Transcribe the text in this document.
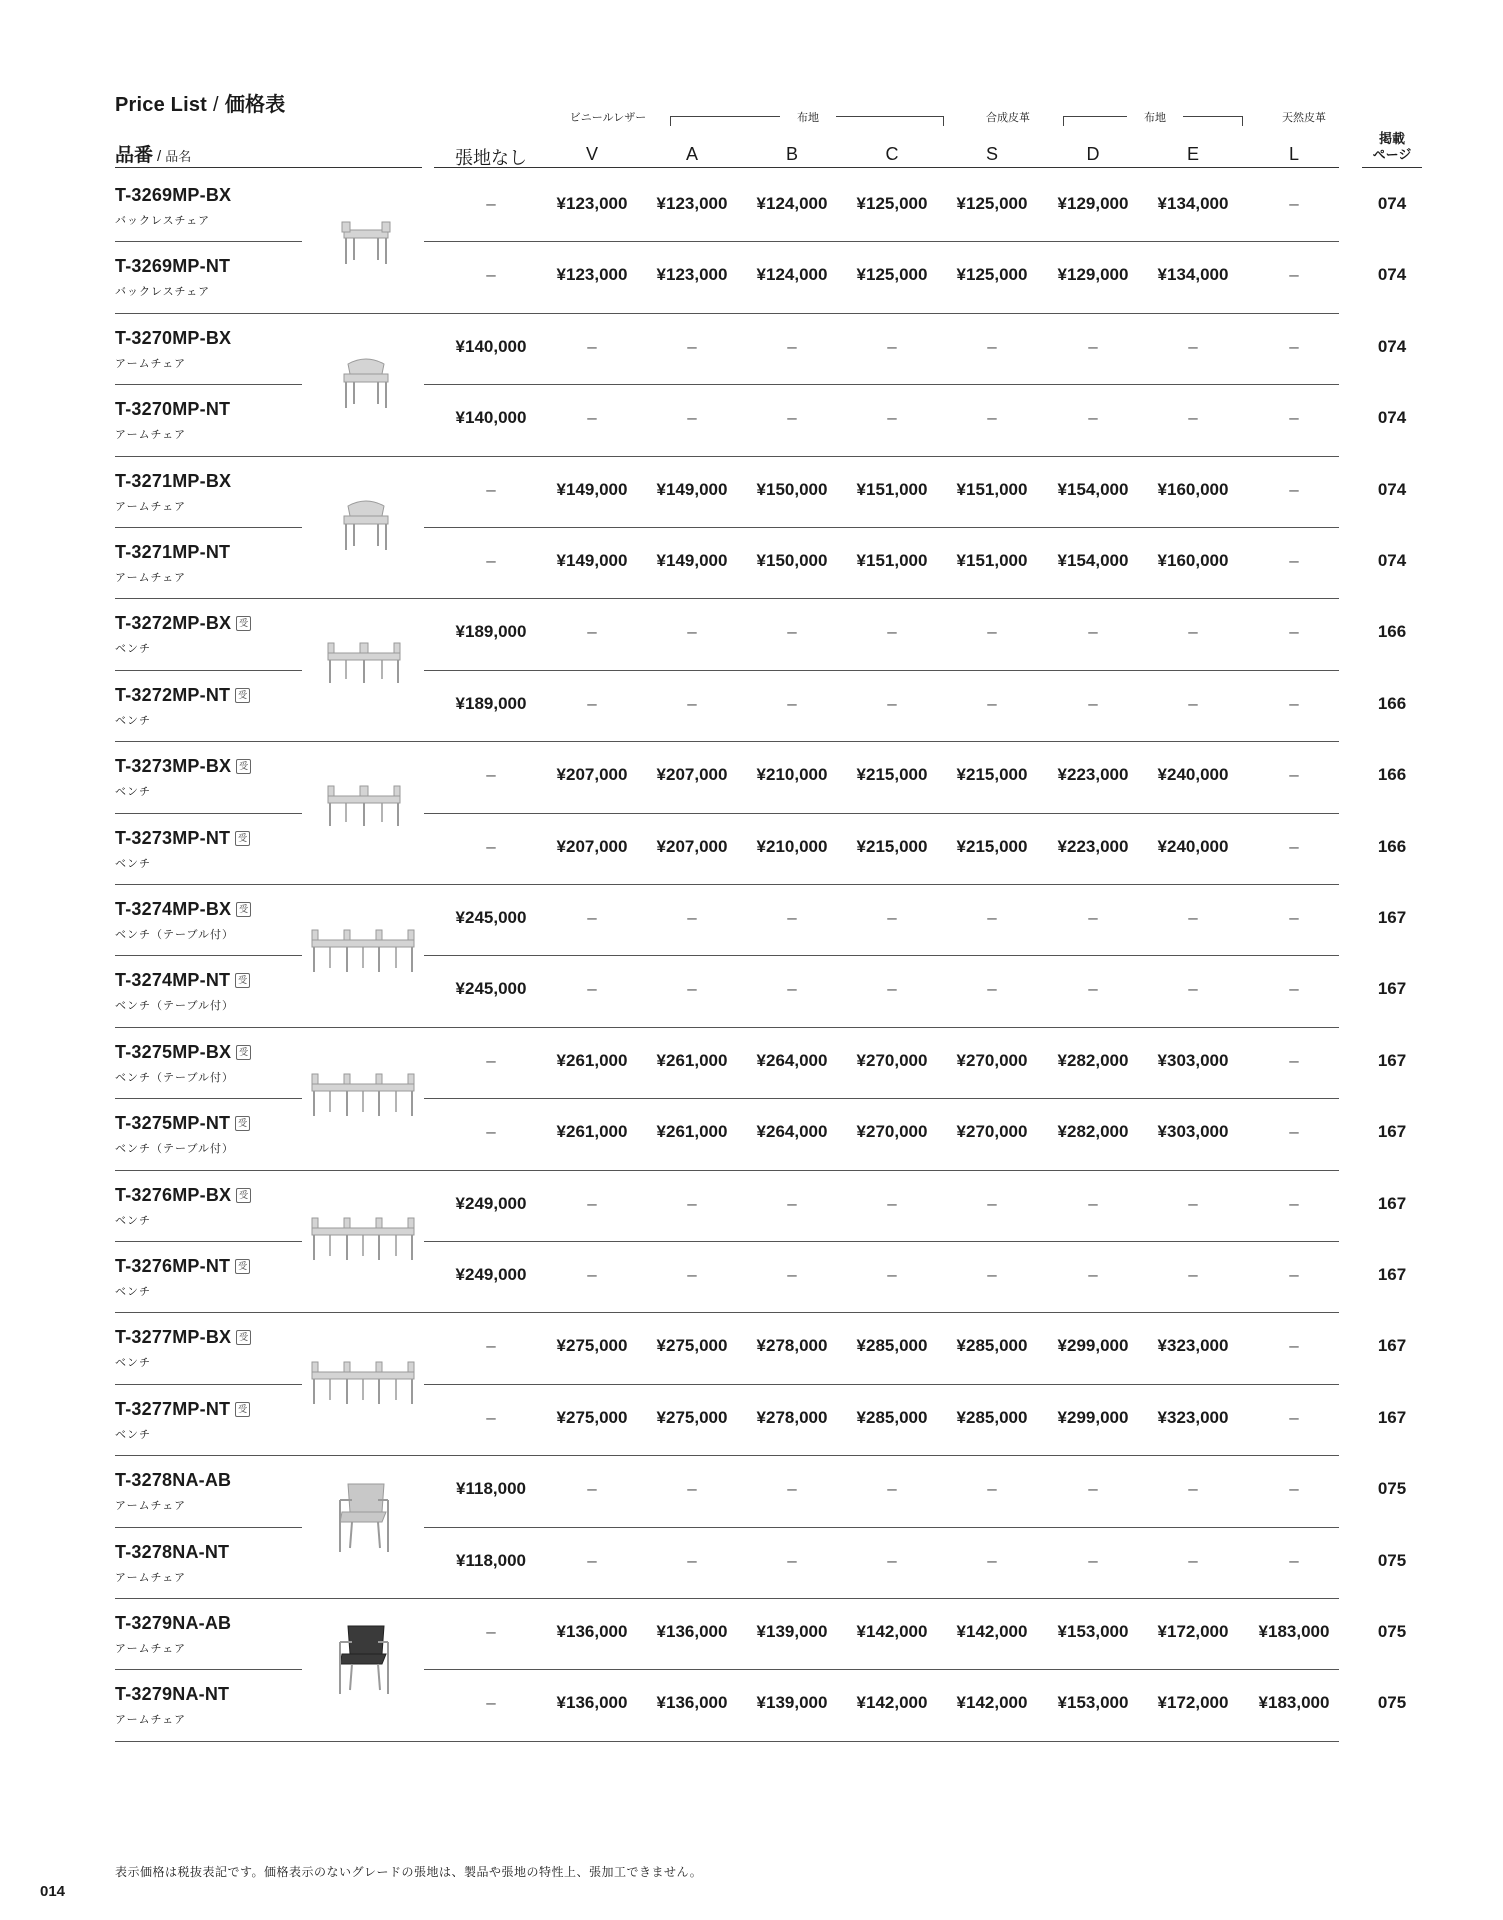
Price List / 価格表
ビニールレザー	布地	合成皮革	布地	天然皮革
品番 / 品名	張地なし	V	A	B	C	S	D	E	L
掲載
ページ
T-3269MP-BX
バックレスチェア
–	¥123,000	¥123,000	¥124,000	¥125,000	¥125,000	¥129,000	¥134,000	–	074
T-3269MP-NT
バックレスチェア
–	¥123,000	¥123,000	¥124,000	¥125,000	¥125,000	¥129,000	¥134,000	–	074
T-3270MP-BX
アームチェア
¥140,000	–	–	–	–	–	–	–	–	074
T-3270MP-NT
アームチェア
¥140,000	–	–	–	–	–	–	–	–	074
T-3271MP-BX
アームチェア
–	¥149,000	¥149,000	¥150,000	¥151,000	¥151,000	¥154,000	¥160,000	–	074
T-3271MP-NT
アームチェア
–	¥149,000	¥149,000	¥150,000	¥151,000	¥151,000	¥154,000	¥160,000	–	074
T-3272MP-BX 受
ベンチ
¥189,000	–	–	–	–	–	–	–	–	166
T-3272MP-NT 受
ベンチ
¥189,000	–	–	–	–	–	–	–	–	166
T-3273MP-BX 受
ベンチ
–	¥207,000	¥207,000	¥210,000	¥215,000	¥215,000	¥223,000	¥240,000	–	166
T-3273MP-NT 受
ベンチ
–	¥207,000	¥207,000	¥210,000	¥215,000	¥215,000	¥223,000	¥240,000	–	166
T-3274MP-BX 受
ベンチ（テーブル付）
¥245,000	–	–	–	–	–	–	–	–	167
T-3274MP-NT 受
ベンチ（テーブル付）
¥245,000	–	–	–	–	–	–	–	–	167
T-3275MP-BX 受
ベンチ（テーブル付）
–	¥261,000	¥261,000	¥264,000	¥270,000	¥270,000	¥282,000	¥303,000	–	167
T-3275MP-NT 受
ベンチ（テーブル付）
–	¥261,000	¥261,000	¥264,000	¥270,000	¥270,000	¥282,000	¥303,000	–	167
T-3276MP-BX 受
ベンチ
¥249,000	–	–	–	–	–	–	–	–	167
T-3276MP-NT 受
ベンチ
¥249,000	–	–	–	–	–	–	–	–	167
T-3277MP-BX 受
ベンチ
–	¥275,000	¥275,000	¥278,000	¥285,000	¥285,000	¥299,000	¥323,000	–	167
T-3277MP-NT 受
ベンチ
–	¥275,000	¥275,000	¥278,000	¥285,000	¥285,000	¥299,000	¥323,000	–	167
T-3278NA-AB
アームチェア
¥118,000	–	–	–	–	–	–	–	–	075
T-3278NA-NT
アームチェア
¥118,000	–	–	–	–	–	–	–	–	075
T-3279NA-AB
アームチェア
–	¥136,000	¥136,000	¥139,000	¥142,000	¥142,000	¥153,000	¥172,000	¥183,000	075
T-3279NA-NT
アームチェア
–	¥136,000	¥136,000	¥139,000	¥142,000	¥142,000	¥153,000	¥172,000	¥183,000	075
表示価格は税抜表記です。価格表示のないグレードの張地は、製品や張地の特性上、張加工できません。
014
